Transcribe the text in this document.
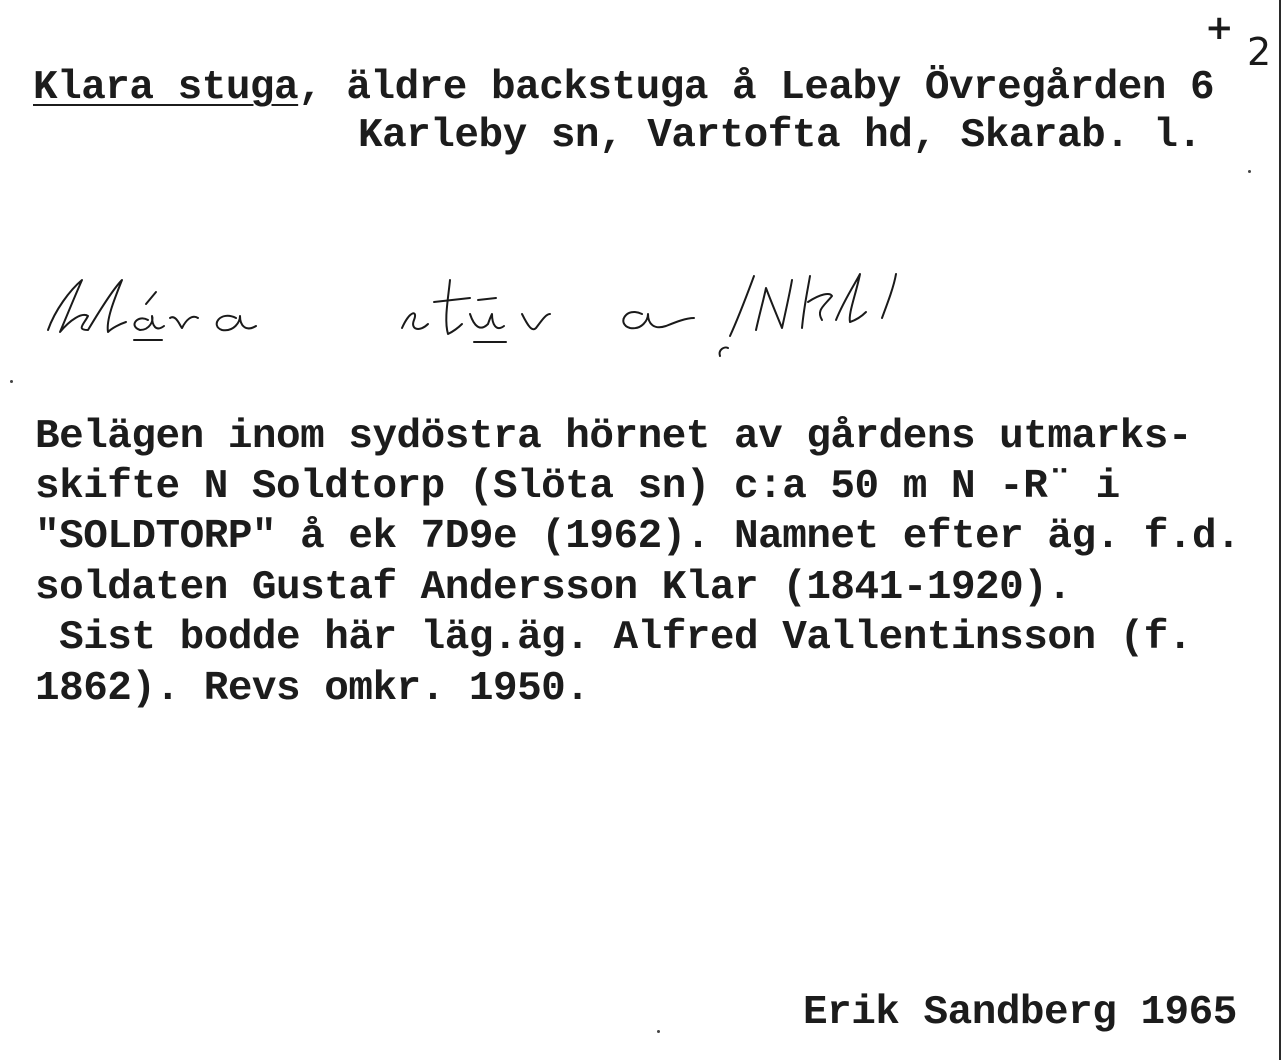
+
Klara stuga, äldre backstuga å Leaby Övregården 6
2
Karleby sn, Vartofta hd, Skarab. l.
Belägen inom sydöstra hörnet av gårdens utmarks-
skifte N Soldtorp (Slöta sn) c:a 50 m N -R¨ i
"SOLDTORP" å ek 7D9e (1962). Namnet efter äg. f.d.
soldaten Gustaf Andersson Klar (1841-1920).
Sist bodde här läg.äg. Alfred Vallentinsson (f.
1862). Revs omkr. 1950.
Erik Sandberg 1965
